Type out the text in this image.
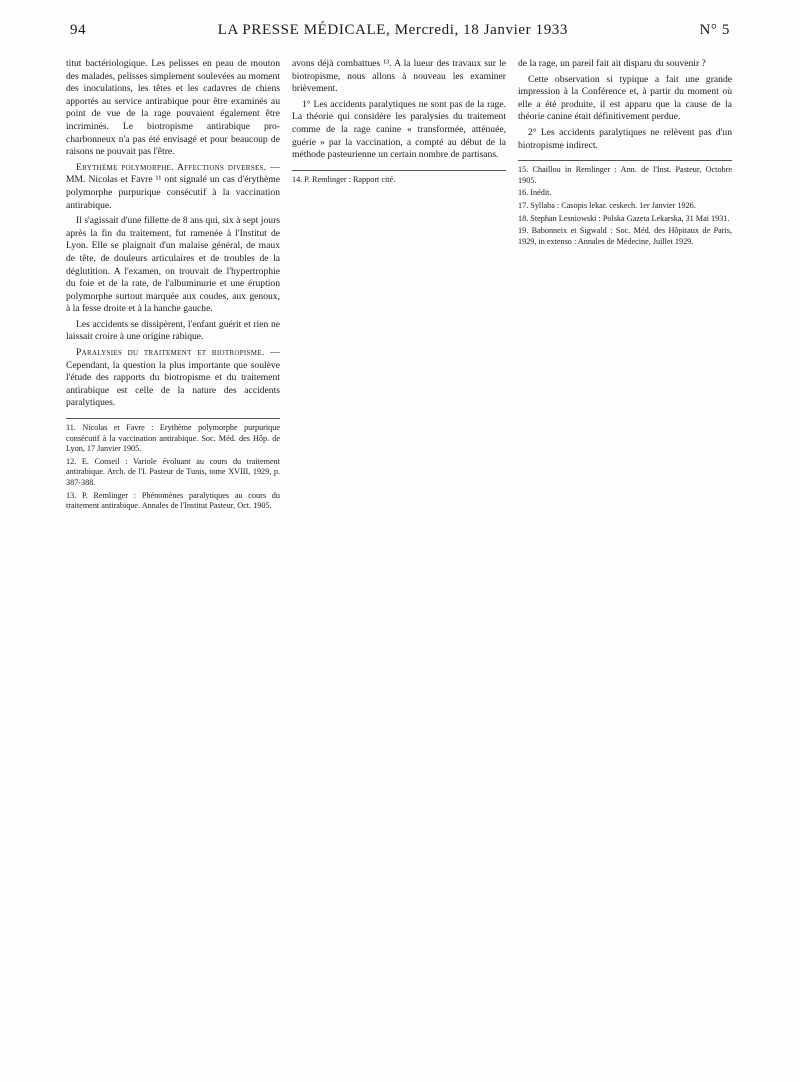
94	LA PRESSE MÉDICALE, Mercredi, 18 Janvier 1933	N° 5

titut bactériologique. Les pelisses en peau de mouton des malades, pelisses simplement soulevées au moment des inoculations, les têtes et les cadavres de chiens apportés au service antirabique pour être examinés au point de vue de la rage pouvaient également être incriminés. Le biotropisme antirabique pro-charbonneux n'a pas été envisagé et pour beaucoup de raisons ne pouvait pas l'être.

Erythème polymorphe. Affections diverses. — MM. Nicolas et Favre ¹¹ ont signalé un cas d'érythème polymorphe purpurique consécutif à la vaccination antirabique.

Il s'agissait d'une fillette de 8 ans qui, six à sept jours après la fin du traitement, fut ramenée à l'Institut de Lyon. Elle se plaignait d'un malaise général, de maux de tête, de douleurs articulaires et de troubles de la déglutition. A l'examen, on trouvait de l'hypertrophie du foie et de la rate, de l'albuminurie et une éruption polymorphe surtout marquée aux coudes, aux genoux, à la fesse droite et à la hanche gauche.

Les accidents se dissipèrent, l'enfant guérit et rien ne laissait croire à une origine rabique.

Paralysies du traitement et biotropisme. — Cependant, la question la plus importante que soulève l'étude des rapports du biotropisme et du traitement antirabique est celle de la nature des accidents paralytiques.

11. Nicolas et Favre : Erythème polymorphe purpurique consécutif à la vaccination antirabique. Soc. Méd. des Hôp. de Lyon, 17 Janvier 1905.
12. E. Conseil : Variole évoluant au cours du traitement antirabique. Arch. de l'I. Pasteur de Tunis, tome XVIII, 1929, p. 387-388.
13. P. Remlinger : Phénomènes paralytiques au cours du traitement antirabique. Annales de l'Institut Pasteur, Oct. 1905.

avons déjà combattues ¹³. A la lueur des travaux sur le biotropisme, nous allons à nouveau les examiner brièvement.

1° Les accidents paralytiques ne sont pas de la rage. La théorie qui considère les paralysies du traitement comme de la rage canine « transformée, atténuée, guérie » par la vaccination, a compté au début de la méthode pasteurienne un certain nombre de partisans.

14. P. Remlinger : Rapport cité.

de la rage, un pareil fait ait disparu du souvenir ?

Cette observation si typique a fait une grande impression à la Conférence et, à partir du moment où elle a été produite, il est apparu que la cause de la théorie canine était définitivement perdue.

2° Les accidents paralytiques ne relèvent pas d'un biotropisme indirect.

15. Chaillou in Remlinger : Ann. de l'Inst. Pasteur, Octobre 1905.
16. Inédit.
17. Syllaba : Casopis lekar. ceskech. 1er Janvier 1926.
18. Stephan Lesniowski : Polska Gazeta Lekarska, 31 Mai 1931.
19. Babonneix et Sigwald : Soc. Méd. des Hôpitaux de Paris, 1929, in extenso : Annales de Médecine, Juillet 1929.
